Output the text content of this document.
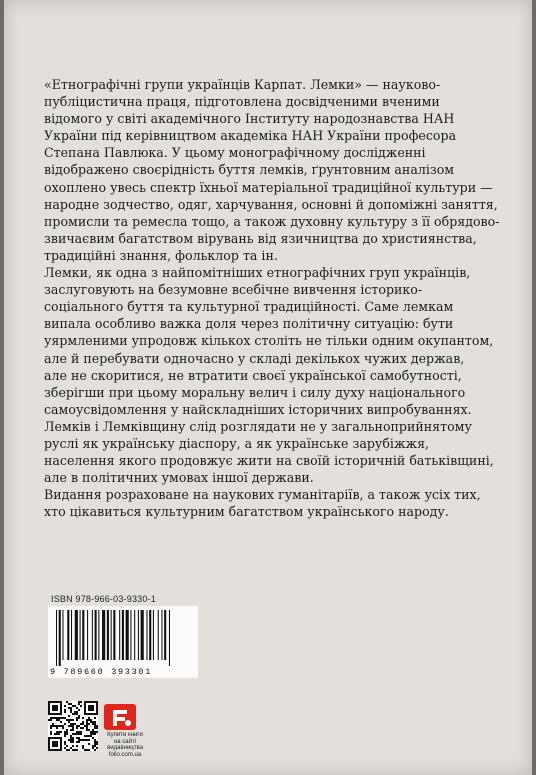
«Етнографічні групи українців Карпат. Лемки» — науково-
публіцистична праця, підготовлена досвідченими вченими
відомого у світі академічного Інституту народознавства НАН
України під керівництвом академіка НАН України професора
Степана Павлюка. У цьому монографічному дослідженні
відображено своєрідність буття лемків, ґрунтовним аналізом
охоплено увесь спектр їхньої матеріальної традиційної культури —
народне зодчество, одяг, харчування, основні й допоміжні заняття,
промисли та ремесла тощо, а також духовну культуру з її обрядово-
звичаєвим багатством вірувань від язичництва до християнства,
традиційні знання, фольклор та ін.

Лемки, як одна з найпомітніших етнографічних груп українців,
заслуговують на безумовне всебічне вивчення історико-
соціального буття та культурної традиційності. Саме лемкам
випала особливо важка доля через політичну ситуацію: бути
уярмленими упродовж кількох століть не тільки одним окупантом,
але й перебувати одночасно у складі декількох чужих держав,
але не скоритися, не втратити своєї української самобутності,
зберігши при цьому моральну велич і силу духу національного
самоусвідомлення у найскладніших історичних випробуваннях.

Лемків і Лемківщину слід розглядати не у загальноприйнятому
руслі як українську діаспору, а як українське зарубіжжя,
населення якого продовжує жити на своїй історичній батьківщині,
але в політичних умовах іншої держави.

Видання розраховане на наукових гуманітаріїв, а також усіх тих,
хто цікавиться культурним багатством українського народу.

ISBN 978-966-03-9330-1
9 789660 393301
Купити книги
на сайті
видавництва
folio.com.ua
